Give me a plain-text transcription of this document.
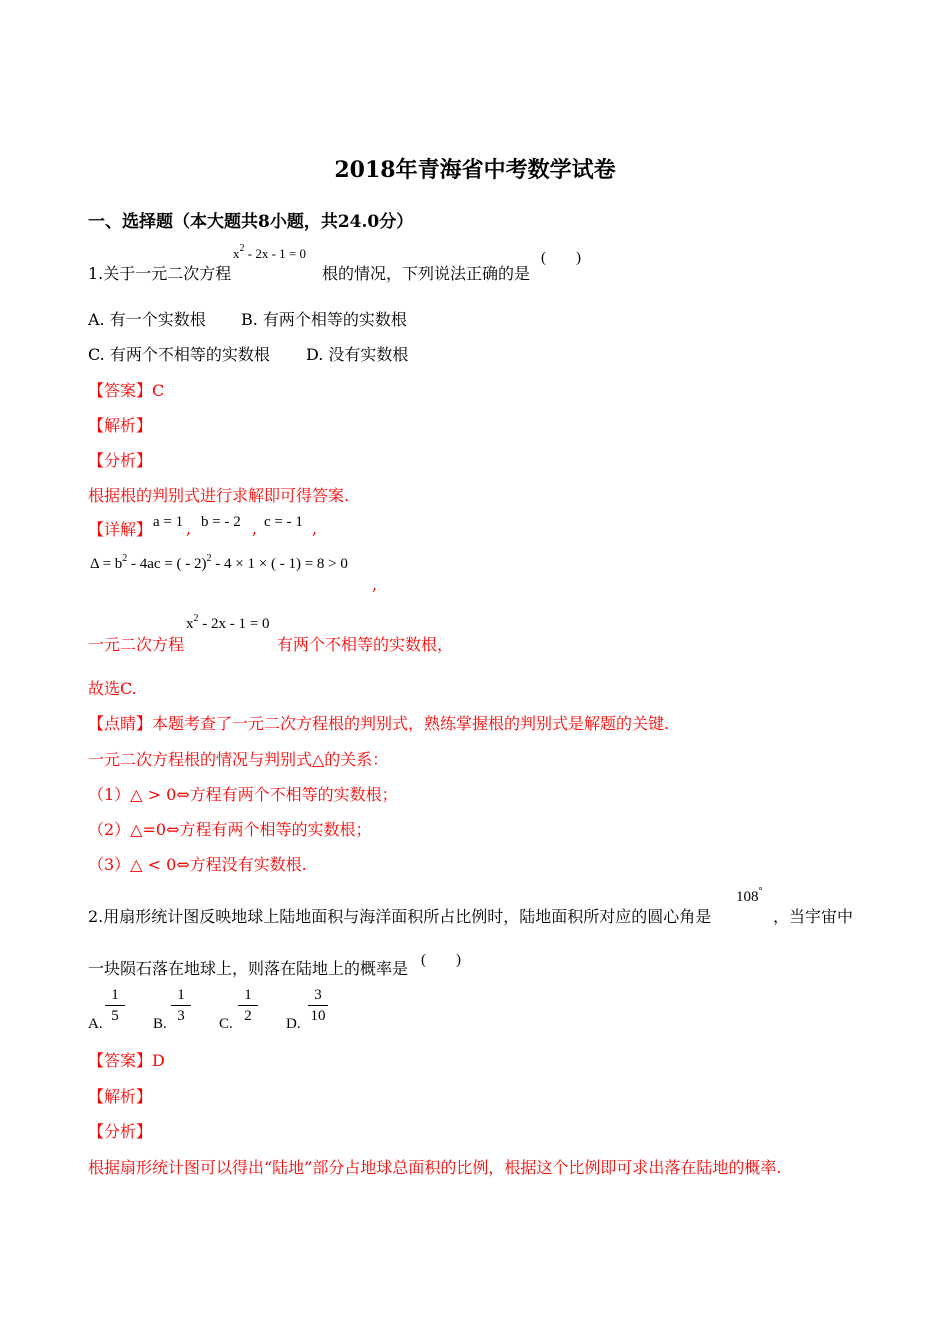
2018年青海省中考数学试卷
一、选择题（本大题共8小题，共24.0分）
1.关于一元二次方程
$x^2 - 2x - 1 = 0$
根的情况，下列说法正确的是
(　　)
A. 有一个实数根 B. 有两个相等的实数根
C. 有两个不相等的实数根 D. 没有实数根
【答案】C
【解析】
【分析】
根据根的判别式进行求解即可得答案.
【详解】 a = 1 , b = - 2 , c = - 1 ,
$\Delta = b^2 - 4ac$ = ( - 2)$^2$ - 4 × 1 × ( - 1) = 8 > 0
,
一元二次方程
$x^2 - 2x - 1 = 0$
有两个不相等的实数根，
故选C.
【点睛】本题考查了一元二次方程根的判别式，熟练掌握根的判别式是解题的关键.
一元二次方程根的情况与判别式△的关系：
（1）△ > 0⇔方程有两个不相等的实数根；
（2）△=0⇔方程有两个相等的实数根；
（3）△ < 0⇔方程没有实数根.
2.用扇形统计图反映地球上陆地面积与海洋面积所占比例时，陆地面积所对应的圆心角是
108°
，当宇宙中
一块陨石落在地球上，则落在陆地上的概率是 (　　)
A.
1
5	B.
1
3	C.
1
2	D.
3
10
【答案】D
【解析】
【分析】
根据扇形统计图可以得出“陆地”部分占地球总面积的比例，根据这个比例即可求出落在陆地的概率.
